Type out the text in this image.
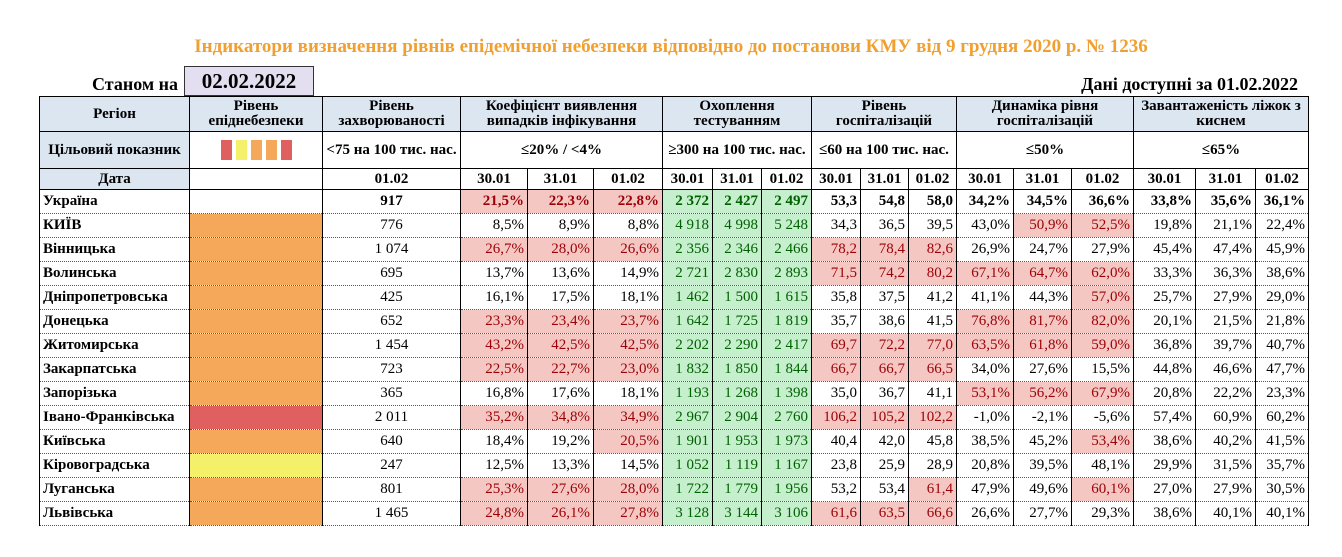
Індикатори визначення рівнів епідемічної небезпеки відповідно до постанови КМУ від 9 грудня 2020 р. № 1236
Станом на	02.02.2022	Дані доступні за 01.02.2022
Регіон	Рівень епіднебезпеки	Рівень захворюваності	Коефіцієнт виявлення випадків інфікування			Охоплення тестуванням			Рівень госпіталізацій			Динаміка рівня госпіталізацій			Завантаженість ліжок з киснем		
Цільовий показник		<75 на 100 тис. нас.	≤20% / <4%			≥300 на 100 тис. нас.			≤60 на 100 тис. нас.			≤50%			≤65%		
Дата		01.02	30.01	31.01	01.02	30.01	31.01	01.02	30.01	31.01	01.02	30.01	31.01	01.02	30.01	31.01	01.02
Україна		917	21,5%	22,3%	22,8%	2 372	2 427	2 497	53,3	54,8	58,0	34,2%	34,5%	36,6%	33,8%	35,6%	36,1%
КИЇВ		776	8,5%	8,9%	8,8%	4 918	4 998	5 248	34,3	36,5	39,5	43,0%	50,9%	52,5%	19,8%	21,1%	22,4%
Вінницька		1 074	26,7%	28,0%	26,6%	2 356	2 346	2 466	78,2	78,4	82,6	26,9%	24,7%	27,9%	45,4%	47,4%	45,9%
Волинська		695	13,7%	13,6%	14,9%	2 721	2 830	2 893	71,5	74,2	80,2	67,1%	64,7%	62,0%	33,3%	36,3%	38,6%
Дніпропетровська		425	16,1%	17,5%	18,1%	1 462	1 500	1 615	35,8	37,5	41,2	41,1%	44,3%	57,0%	25,7%	27,9%	29,0%
Донецька		652	23,3%	23,4%	23,7%	1 642	1 725	1 819	35,7	38,6	41,5	76,8%	81,7%	82,0%	20,1%	21,5%	21,8%
Житомирська		1 454	43,2%	42,5%	42,5%	2 202	2 290	2 417	69,7	72,2	77,0	63,5%	61,8%	59,0%	36,8%	39,7%	40,7%
Закарпатська		723	22,5%	22,7%	23,0%	1 832	1 850	1 844	66,7	66,7	66,5	34,0%	27,6%	15,5%	44,8%	46,6%	47,7%
Запорізька		365	16,8%	17,6%	18,1%	1 193	1 268	1 398	35,0	36,7	41,1	53,1%	56,2%	67,9%	20,8%	22,2%	23,3%
Івано-Франківська		2 011	35,2%	34,8%	34,9%	2 967	2 904	2 760	106,2	105,2	102,2	-1,0%	-2,1%	-5,6%	57,4%	60,9%	60,2%
Київська		640	18,4%	19,2%	20,5%	1 901	1 953	1 973	40,4	42,0	45,8	38,5%	45,2%	53,4%	38,6%	40,2%	41,5%
Кіровоградська		247	12,5%	13,3%	14,5%	1 052	1 119	1 167	23,8	25,9	28,9	20,8%	39,5%	48,1%	29,9%	31,5%	35,7%
Луганська		801	25,3%	27,6%	28,0%	1 722	1 779	1 956	53,2	53,4	61,4	47,9%	49,6%	60,1%	27,0%	27,9%	30,5%
Львівська		1 465	24,8%	26,1%	27,8%	3 128	3 144	3 106	61,6	63,5	66,6	26,6%	27,7%	29,3%	38,6%	40,1%	40,1%
